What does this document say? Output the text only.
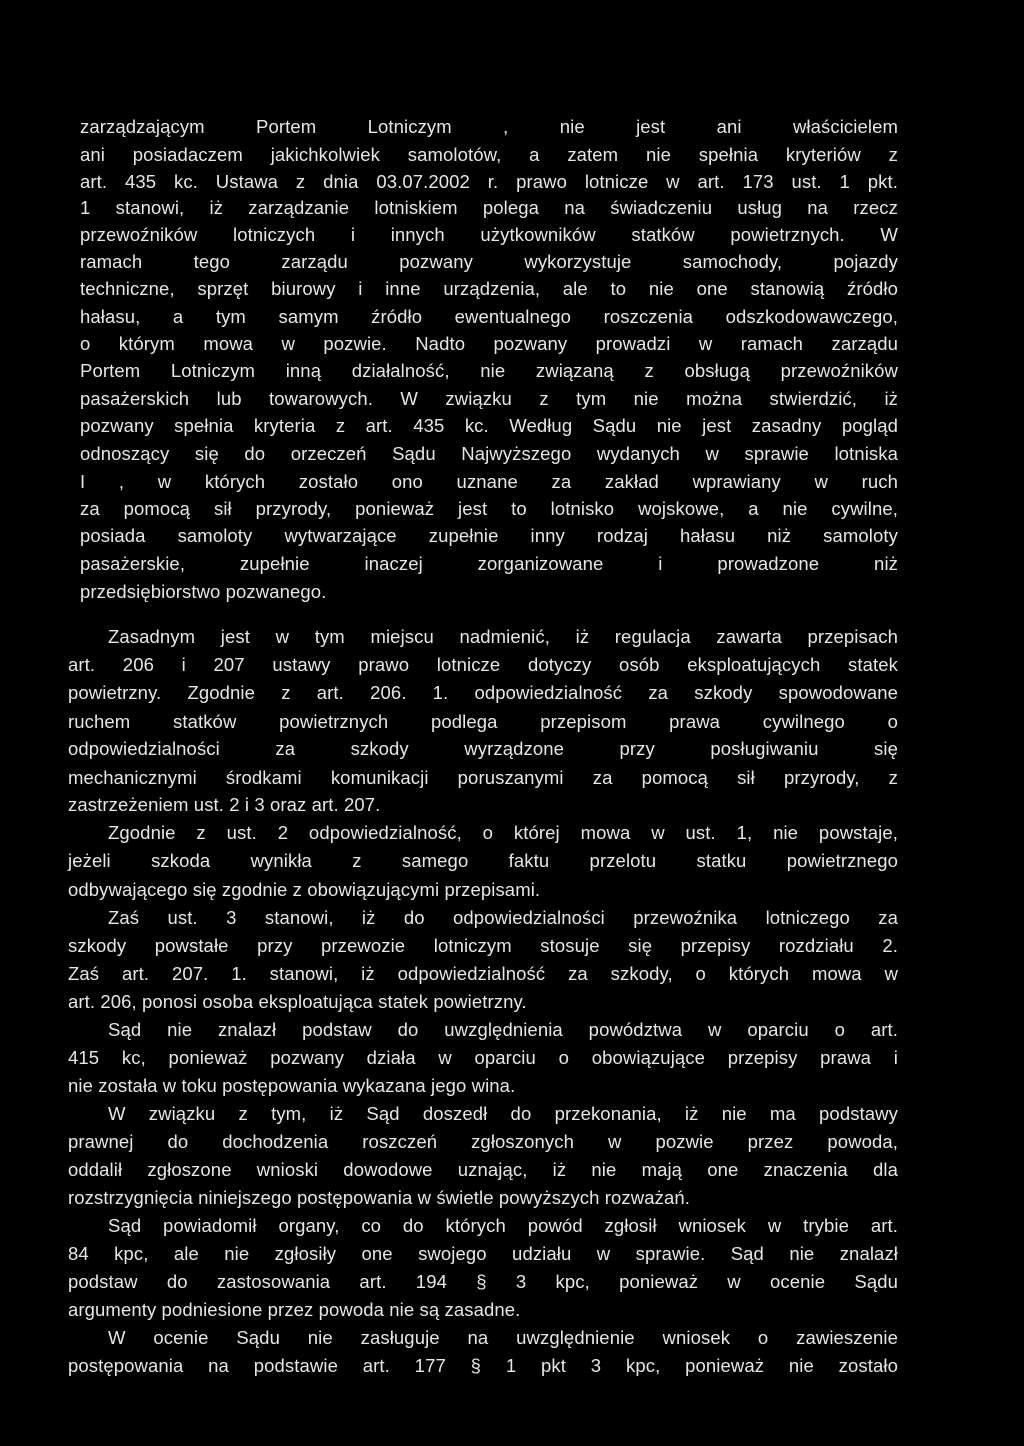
zarządzającym Portem Lotniczym , nie jest ani właścicielem
ani posiadaczem jakichkolwiek samolotów, a zatem nie spełnia kryteriów z
art. 435 kc. Ustawa z dnia 03.07.2002 r. prawo lotnicze w art. 173 ust. 1 pkt.
1 stanowi, iż zarządzanie lotniskiem polega na świadczeniu usług na rzecz
przewoźników lotniczych i innych użytkowników statków powietrznych. W
ramach tego zarządu pozwany wykorzystuje samochody, pojazdy
techniczne, sprzęt biurowy i inne urządzenia, ale to nie one stanowią źródło
hałasu, a tym samym źródło ewentualnego roszczenia odszkodowawczego,
o którym mowa w pozwie. Nadto pozwany prowadzi w ramach zarządu
Portem Lotniczym inną działalność, nie związaną z obsługą przewoźników
pasażerskich lub towarowych. W związku z tym nie można stwierdzić, iż
pozwany spełnia kryteria z art. 435 kc. Według Sądu nie jest zasadny pogląd
odnoszący się do orzeczeń Sądu Najwyższego wydanych w sprawie lotniska
I , w których zostało ono uznane za zakład wprawiany w ruch
za pomocą sił przyrody, ponieważ jest to lotnisko wojskowe, a nie cywilne,
posiada samoloty wytwarzające zupełnie inny rodzaj hałasu niż samoloty
pasażerskie, zupełnie inaczej zorganizowane i prowadzone niż
przedsiębiorstwo pozwanego.
Zasadnym jest w tym miejscu nadmienić, iż regulacja zawarta przepisach
art. 206 i 207 ustawy prawo lotnicze dotyczy osób eksploatujących statek
powietrzny. Zgodnie z art. 206. 1. odpowiedzialność za szkody spowodowane
ruchem statków powietrznych podlega przepisom prawa cywilnego o
odpowiedzialności za szkody wyrządzone przy posługiwaniu się
mechanicznymi środkami komunikacji poruszanymi za pomocą sił przyrody, z
zastrzeżeniem ust. 2 i 3 oraz art. 207.
Zgodnie z ust. 2 odpowiedzialność, o której mowa w ust. 1, nie powstaje,
jeżeli szkoda wynikła z samego faktu przelotu statku powietrznego
odbywającego się zgodnie z obowiązującymi przepisami.
Zaś ust. 3 stanowi, iż do odpowiedzialności przewoźnika lotniczego za
szkody powstałe przy przewozie lotniczym stosuje się przepisy rozdziału 2.
Zaś art. 207. 1. stanowi, iż odpowiedzialność za szkody, o których mowa w
art. 206, ponosi osoba eksploatująca statek powietrzny.
Sąd nie znalazł podstaw do uwzględnienia powództwa w oparciu o art.
415 kc, ponieważ pozwany działa w oparciu o obowiązujące przepisy prawa i
nie została w toku postępowania wykazana jego wina.
W związku z tym, iż Sąd doszedł do przekonania, iż nie ma podstawy
prawnej do dochodzenia roszczeń zgłoszonych w pozwie przez powoda,
oddalił zgłoszone wnioski dowodowe uznając, iż nie mają one znaczenia dla
rozstrzygnięcia niniejszego postępowania w świetle powyższych rozważań.
Sąd powiadomił organy, co do których powód zgłosił wniosek w trybie art.
84 kpc, ale nie zgłosiły one swojego udziału w sprawie. Sąd nie znalazł
podstaw do zastosowania art. 194 § 3 kpc, ponieważ w ocenie Sądu
argumenty podniesione przez powoda nie są zasadne.
W ocenie Sądu nie zasługuje na uwzględnienie wniosek o zawieszenie
postępowania na podstawie art. 177 § 1 pkt 3 kpc, ponieważ nie zostało
